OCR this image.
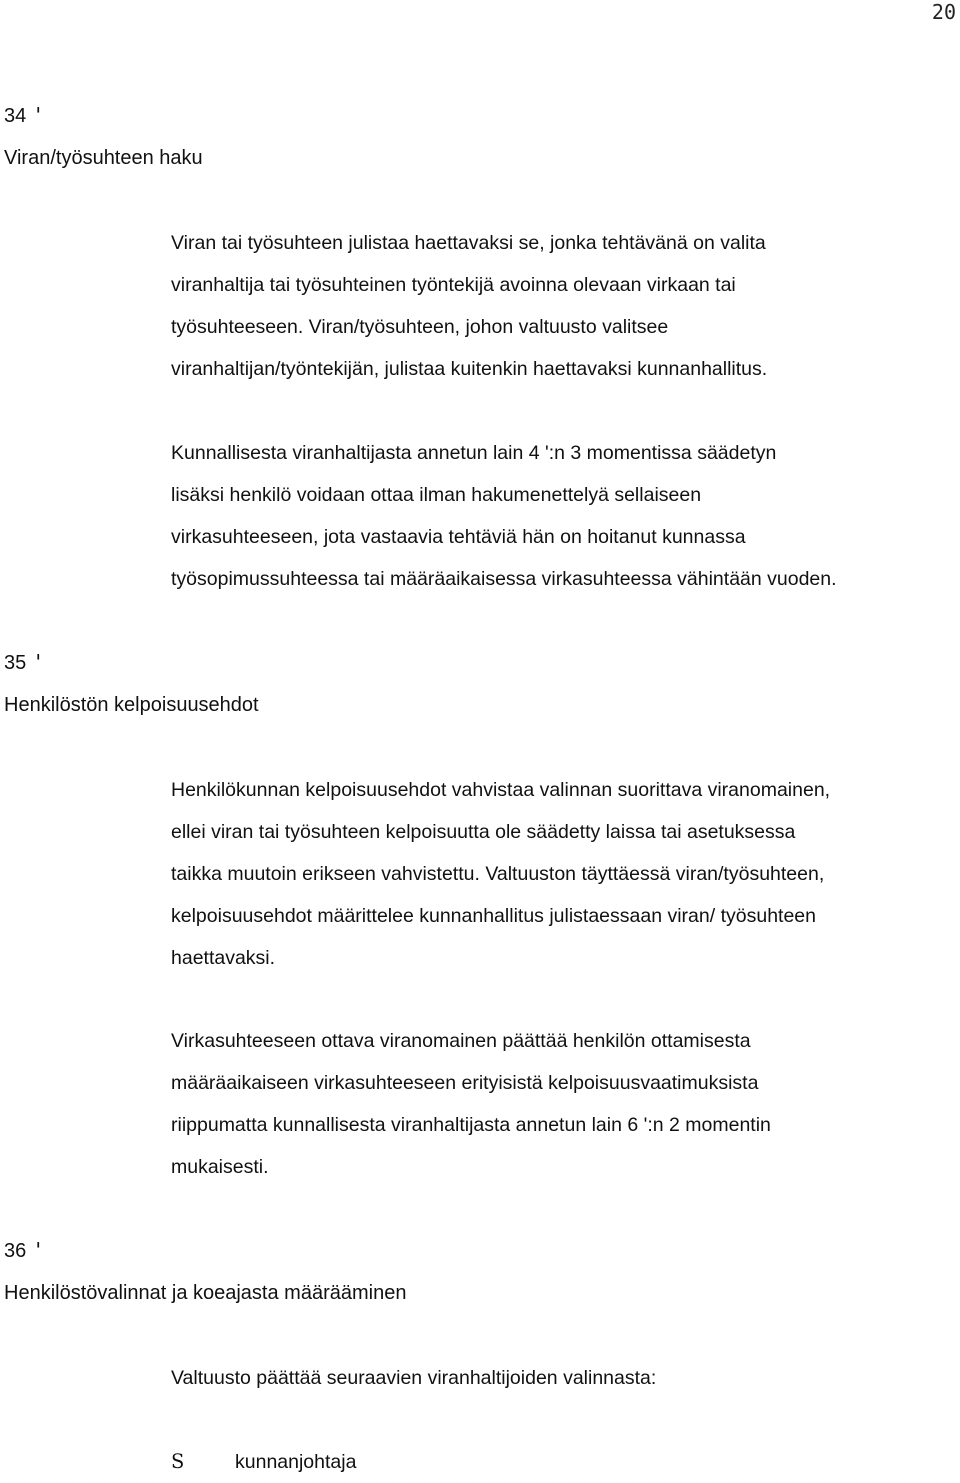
20

34 '

Viran/työsuhteen haku

Viran tai työsuhteen julistaa haettavaksi se, jonka tehtävänä on valita
viranhaltija tai työsuhteinen työntekijä avoinna olevaan virkaan tai
työsuhteeseen. Viran/työsuhteen, johon valtuusto valitsee
viranhaltijan/työntekijän, julistaa kuitenkin haettavaksi kunnanhallitus.
Kunnallisesta viranhaltijasta annetun lain 4 ':n 3 momentissa säädetyn
lisäksi henkilö voidaan ottaa ilman hakumenettelyä sellaiseen
virkasuhteeseen, jota vastaavia tehtäviä hän on hoitanut kunnassa
työsopimussuhteessa tai määräaikaisessa virkasuhteessa vähintään vuoden.

35 '

Henkilöstön kelpoisuusehdot

Henkilökunnan kelpoisuusehdot vahvistaa valinnan suorittava viranomainen,
ellei viran tai työsuhteen kelpoisuutta ole säädetty laissa tai asetuksessa
taikka muutoin erikseen vahvistettu. Valtuuston täyttäessä viran/työsuhteen,
kelpoisuusehdot määrittelee kunnanhallitus julistaessaan viran/ työsuhteen
haettavaksi.
Virkasuhteeseen ottava viranomainen päättää henkilön ottamisesta
määräaikaiseen virkasuhteeseen erityisistä kelpoisuusvaatimuksista
riippumatta kunnallisesta viranhaltijasta annetun lain 6 ':n 2 momentin
mukaisesti.

36 '

Henkilöstövalinnat ja koeajasta määrääminen

Valtuusto päättää seuraavien viranhaltijoiden valinnasta:
S	kunnanjohtaja
